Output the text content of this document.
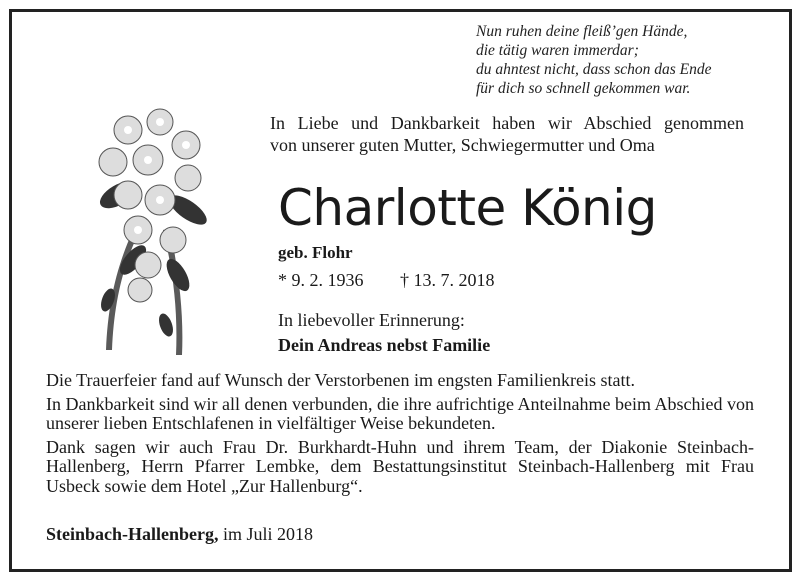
Nun ruhen deine fleiß’gen Hände,
die tätig waren immerdar;
du ahntest nicht, dass schon das Ende
für dich so schnell gekommen war.
In Liebe und Dankbarkeit haben wir Abschied genommen
von unserer guten Mutter, Schwiegermutter und Oma
Charlotte König
geb. Flohr
* 9. 2. 1936 † 13. 7. 2018
In liebevoller Erinnerung:
Dein Andreas nebst Familie

Die Trauerfeier fand auf Wunsch der Verstorbenen im engsten Familienkreis statt.

In Dankbarkeit sind wir all denen verbunden, die ihre aufrichtige Anteilnahme beim Abschied von unserer lieben Entschlafenen in vielfältiger Weise bekundeten.

Dank sagen wir auch Frau Dr. Burkhardt-Huhn und ihrem Team, der Diakonie Steinbach-Hallenberg, Herrn Pfarrer Lembke, dem Bestattungsinstitut Steinbach-Hallenberg mit Frau Usbeck sowie dem Hotel „Zur Hallenburg“.

Steinbach-Hallenberg, im Juli 2018
